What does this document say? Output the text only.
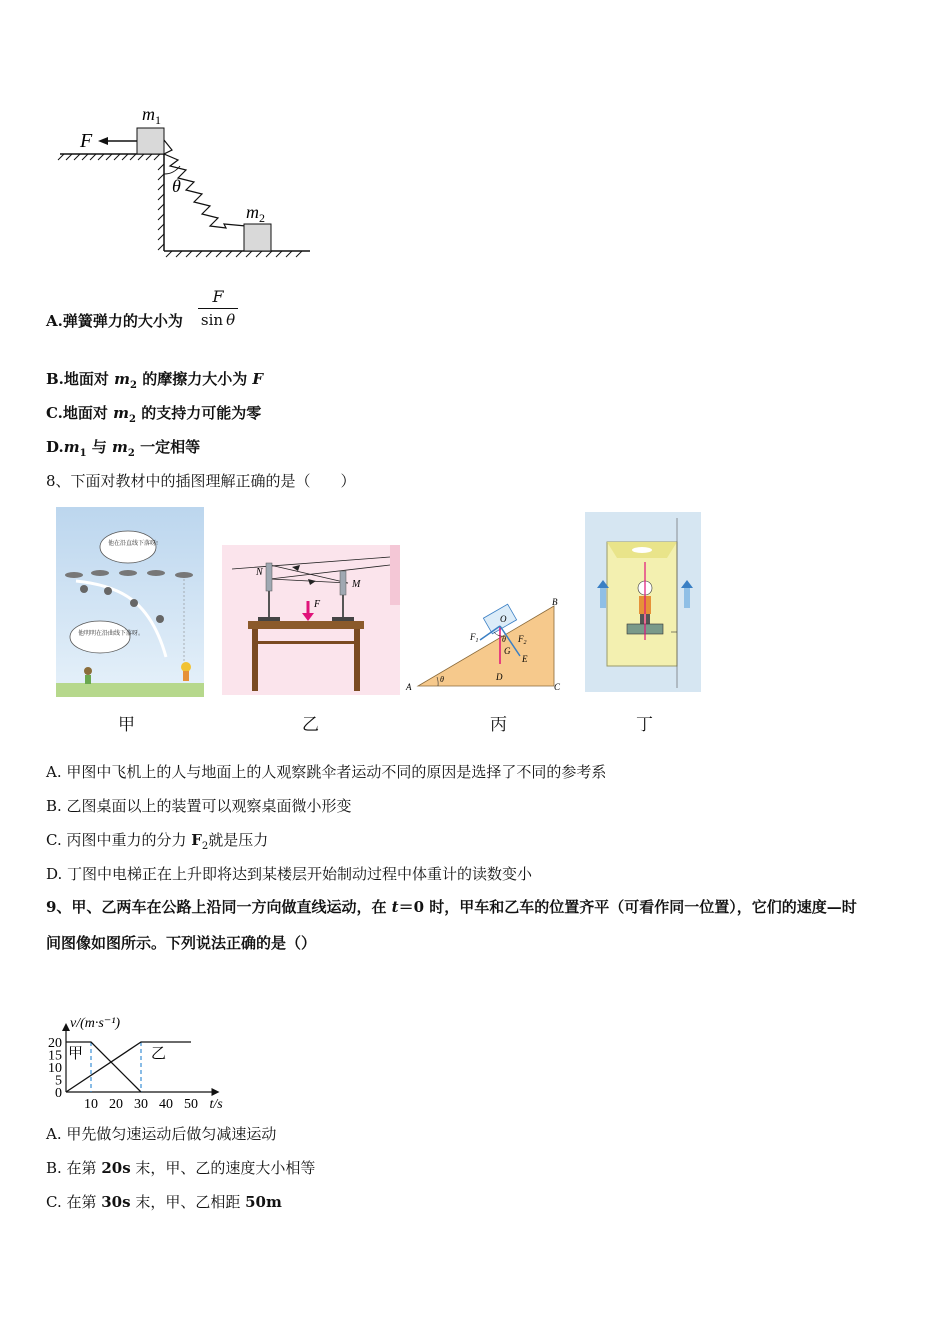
F
$m_1$
θ
$m_2$
A.弹簧弹力的大小为
F
sin  θ
B.地面对 $m_2$ 的摩擦力大小为 F
C.地面对 $m_2$ 的支持力可能为零
$D.m_1$ 与 $m_2$ 一定相等
8、下面对教材中的插图理解正确的是（　　）
他在沿直线下落呀!
他明明在沿曲线下落呀。
甲
N
M
F
乙
A
B
C
D
E
G
O
$F_1$	$F_2$
θ
θ
丙	丁
A. 甲图中飞机上的人与地面上的人观察跳伞者运动不同的原因是选择了不同的参考系
B. 乙图桌面以上的装置可以观察桌面微小形变
C. 丙图中重力的分力 $F_2$就是压力
D. 丁图中电梯正在上升即将达到某楼层开始制动过程中体重计的读数变小
9、甲、乙两车在公路上沿同一方向做直线运动，在 t＝0 时，甲车和乙车的位置齐平（可看作同一位置），它们的速度—时
间图像如图所示。下列说法正确的是（）
0
5
10
15
20
10 20 30 40 50
v/(m·s⁻¹)
t/s
甲	乙
A. 甲先做匀速运动后做匀减速运动
B. 在第 20s 末，甲、乙的速度大小相等
C. 在第 30s 末，甲、乙相距 50m
